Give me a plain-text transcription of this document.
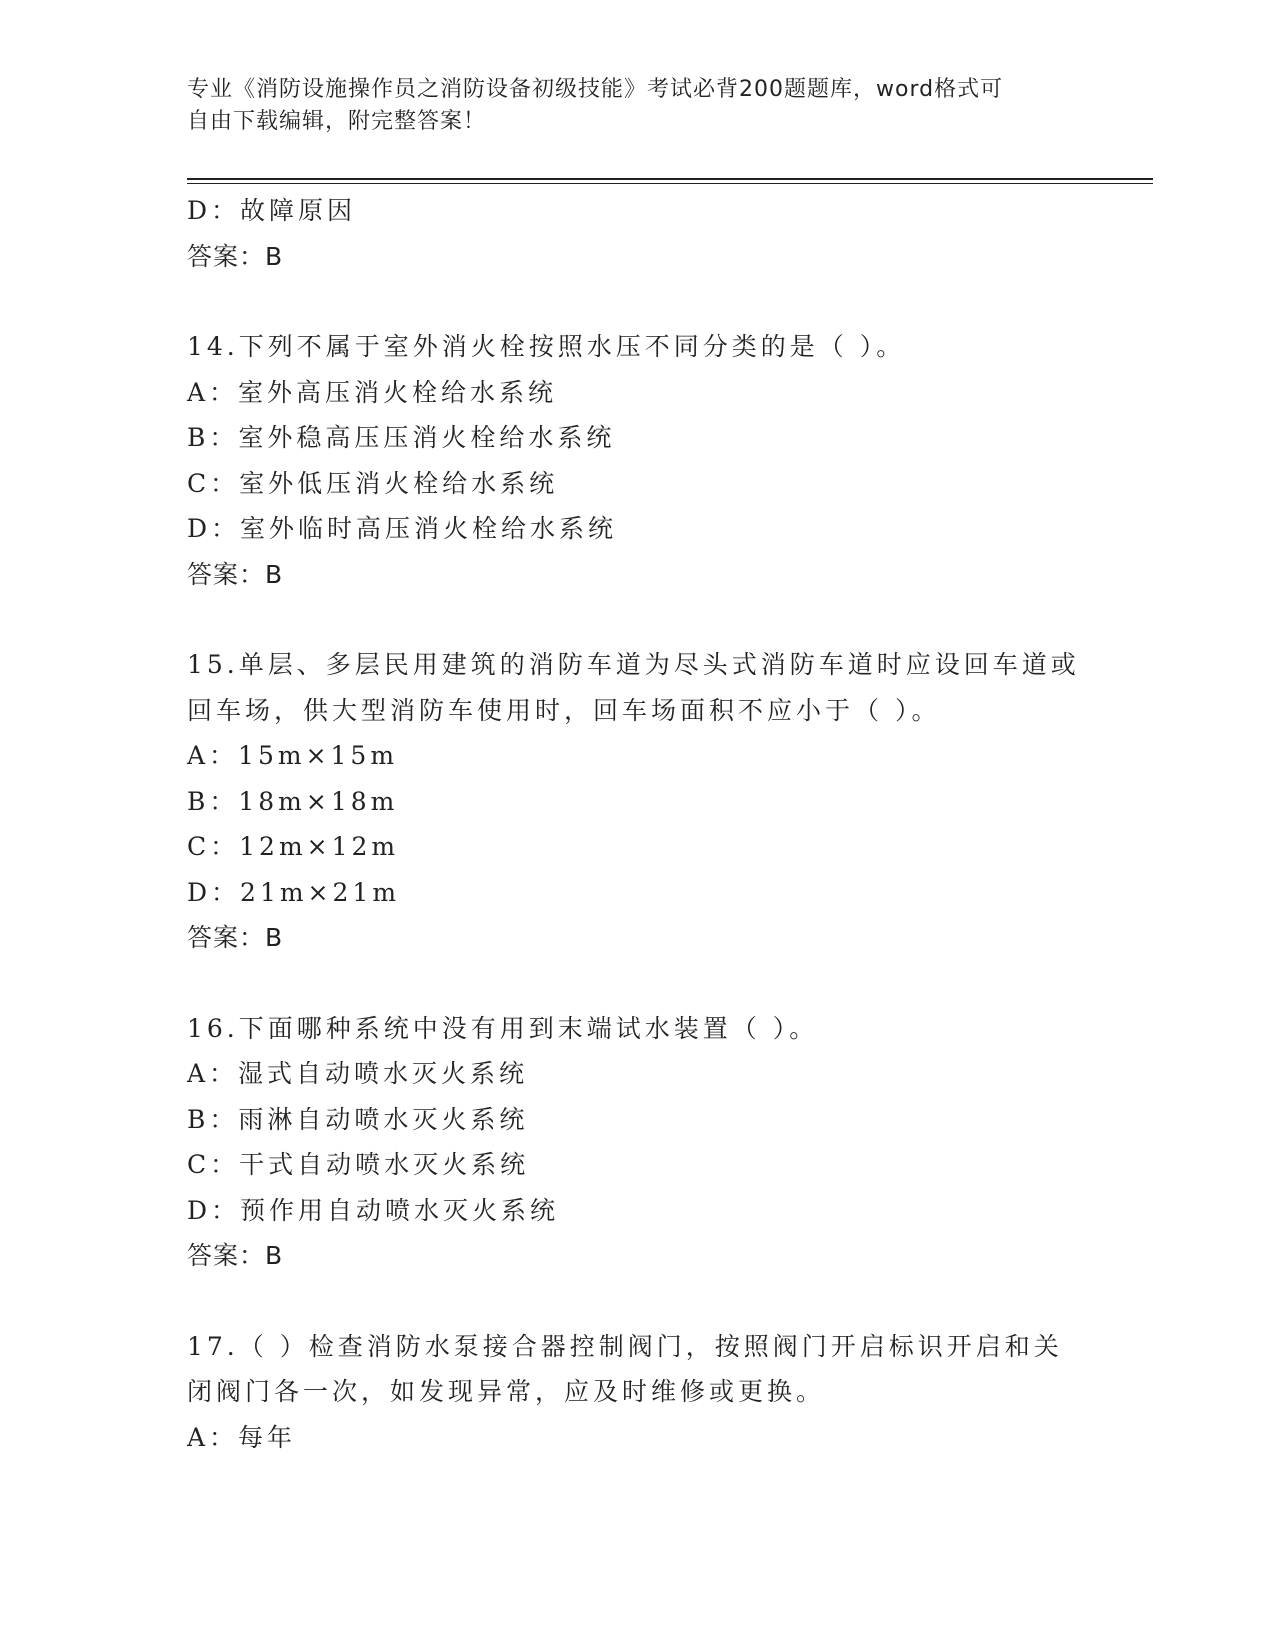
专业《消防设施操作员之消防设备初级技能》考试必背200题题库，word格式可
自由下载编辑，附完整答案！
D：故障原因
答案：B
14.下列不属于室外消火栓按照水压不同分类的是（ ）。
A：室外高压消火栓给水系统
B：室外稳高压压消火栓给水系统
C：室外低压消火栓给水系统
D：室外临时高压消火栓给水系统
答案：B
15.单层、多层民用建筑的消防车道为尽头式消防车道时应设回车道或
回车场，供大型消防车使用时，回车场面积不应小于（ ）。
A：15m×15m
B：18m×18m
C：12m×12m
D：21m×21m
答案：B
16.下面哪种系统中没有用到末端试水装置（ ）。
A：湿式自动喷水灭火系统
B：雨淋自动喷水灭火系统
C：干式自动喷水灭火系统
D：预作用自动喷水灭火系统
答案：B
17.（ ）检查消防水泵接合器控制阀门，按照阀门开启标识开启和关
闭阀门各一次，如发现异常，应及时维修或更换。
A：每年
